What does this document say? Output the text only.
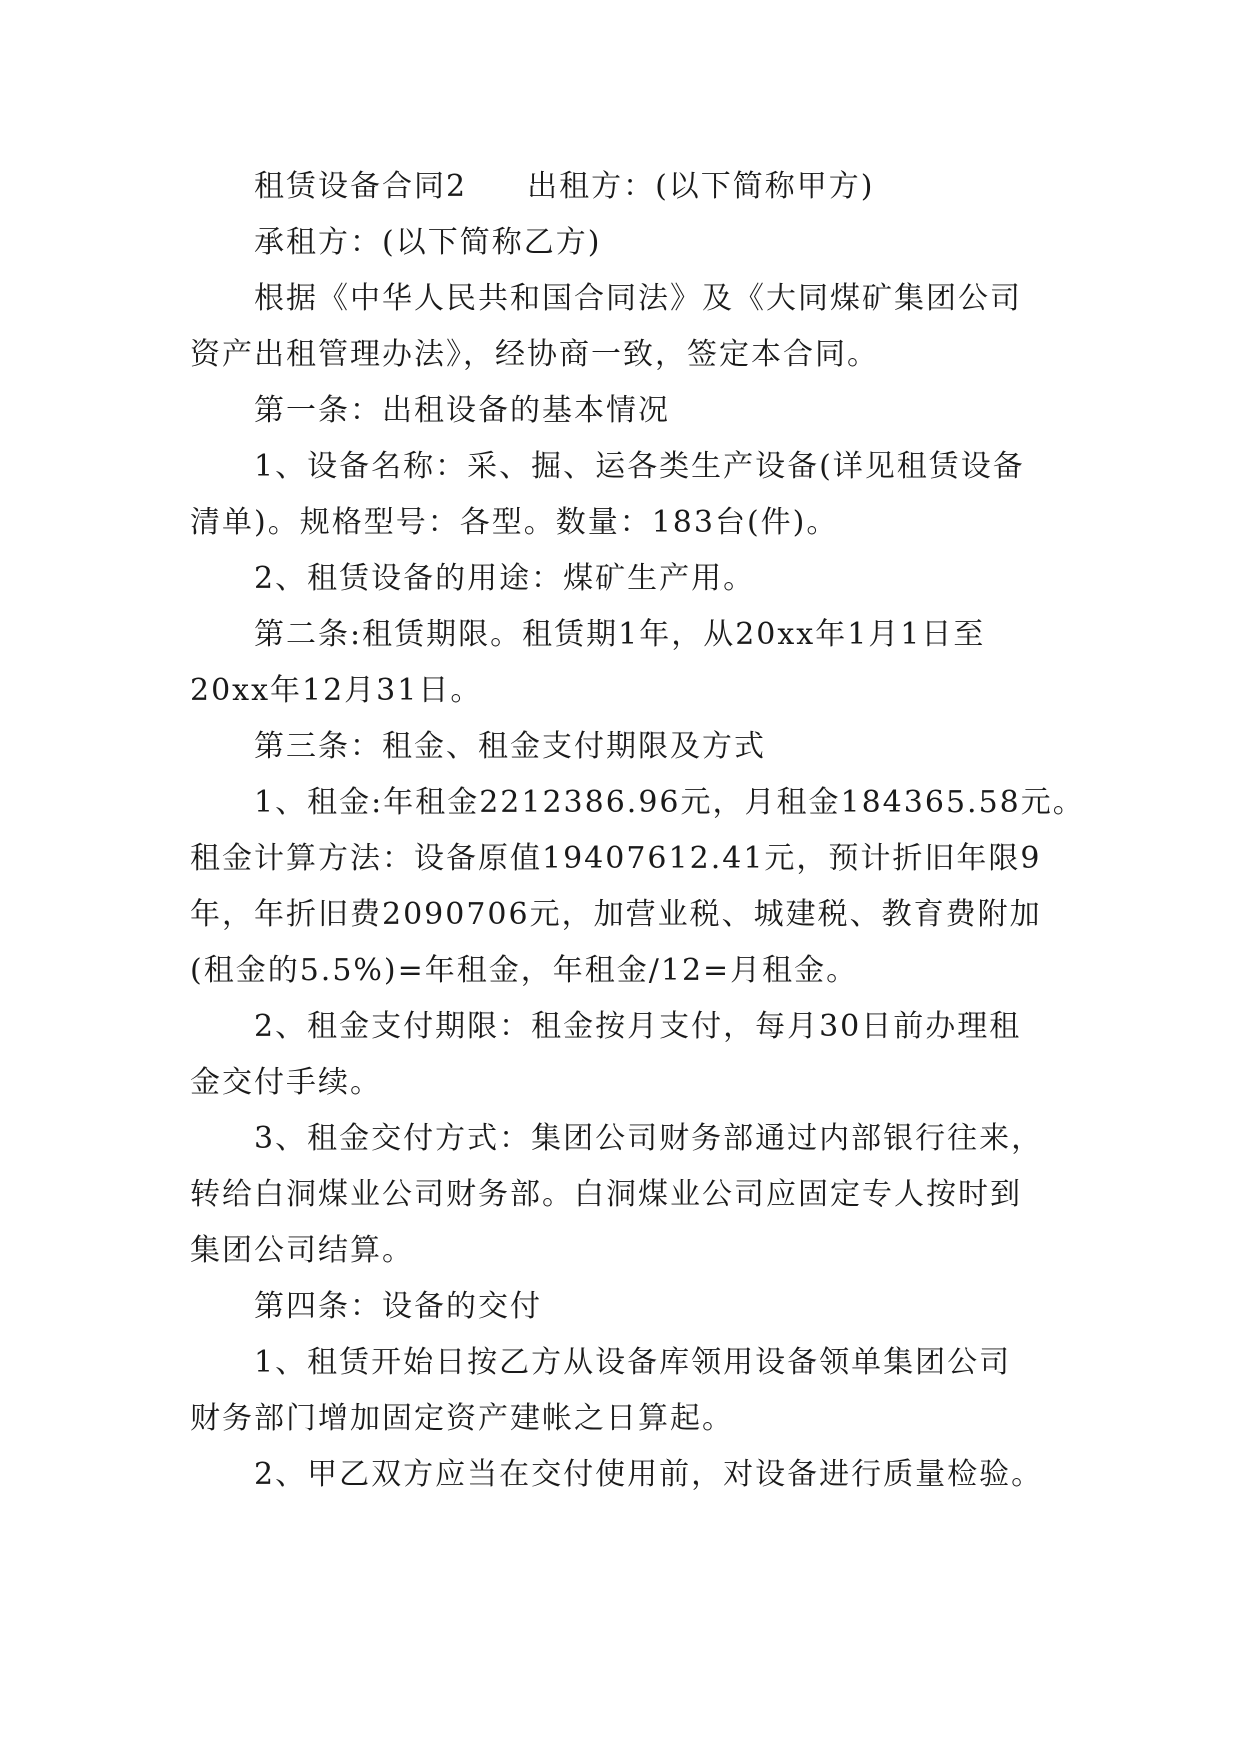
租赁设备合同2 出租方：(以下简称甲方)
承租方：(以下简称乙方)
根据《中华人民共和国合同法》及《大同煤矿集团公司
资产出租管理办法》，经协商一致，签定本合同。
第一条：出租设备的基本情况
1、设备名称：采、掘、运各类生产设备(详见租赁设备
清单)。规格型号：各型。数量：183台(件)。
2、租赁设备的用途：煤矿生产用。
第二条:租赁期限。租赁期1年，从20xx年1月1日至
20xx年12月31日。
第三条：租金、租金支付期限及方式
1、租金:年租金2212386.96元，月租金184365.58元。
租金计算方法：设备原值19407612.41元，预计折旧年限9
年，年折旧费2090706元，加营业税、城建税、教育费附加
(租金的5.5%)=年租金，年租金/12=月租金。
2、租金支付期限：租金按月支付，每月30日前办理租
金交付手续。
3、租金交付方式：集团公司财务部通过内部银行往来，
转给白洞煤业公司财务部。白洞煤业公司应固定专人按时到
集团公司结算。
第四条：设备的交付
1、租赁开始日按乙方从设备库领用设备领单集团公司
财务部门增加固定资产建帐之日算起。
2、甲乙双方应当在交付使用前，对设备进行质量检验。
